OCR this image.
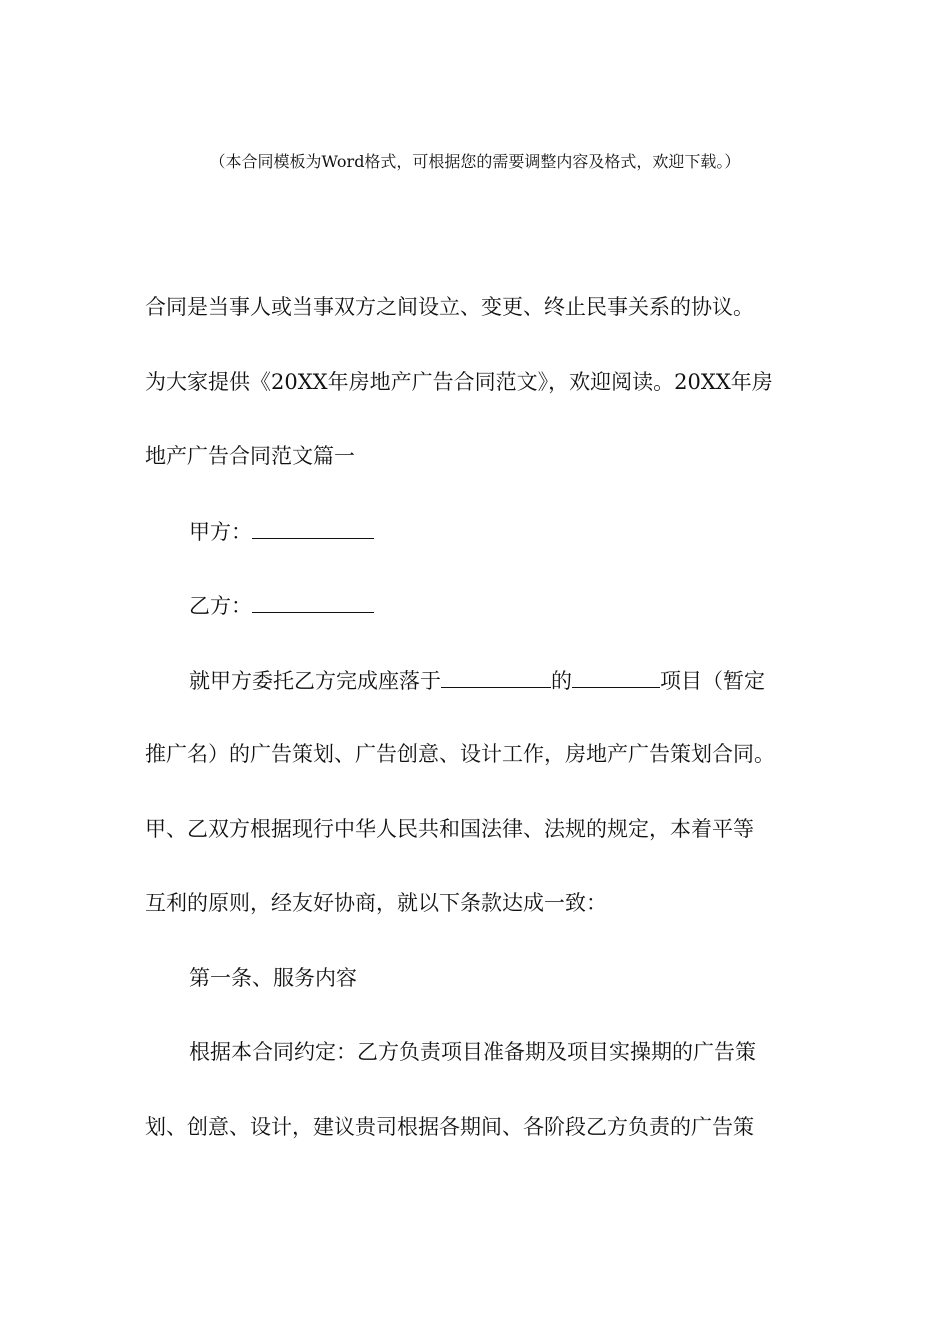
（本合同模板为Word格式，可根据您的需要调整内容及格式，欢迎下载。）
合同是当事人或当事双方之间设立、变更、终止民事关系的协议。
为大家提供《20XX年房地产广告合同范文》，欢迎阅读。20XX年房
地产广告合同范文篇一
甲方：
乙方：
就甲方委托乙方完成座落于	的	项目（暂定
推广名）的广告策划、广告创意、设计工作，房地产广告策划合同。
甲、乙双方根据现行中华人民共和国法律、法规的规定，本着平等
互利的原则，经友好协商，就以下条款达成一致：
第一条、服务内容
根据本合同约定：乙方负责项目准备期及项目实操期的广告策
划、创意、设计，建议贵司根据各期间、各阶段乙方负责的广告策
